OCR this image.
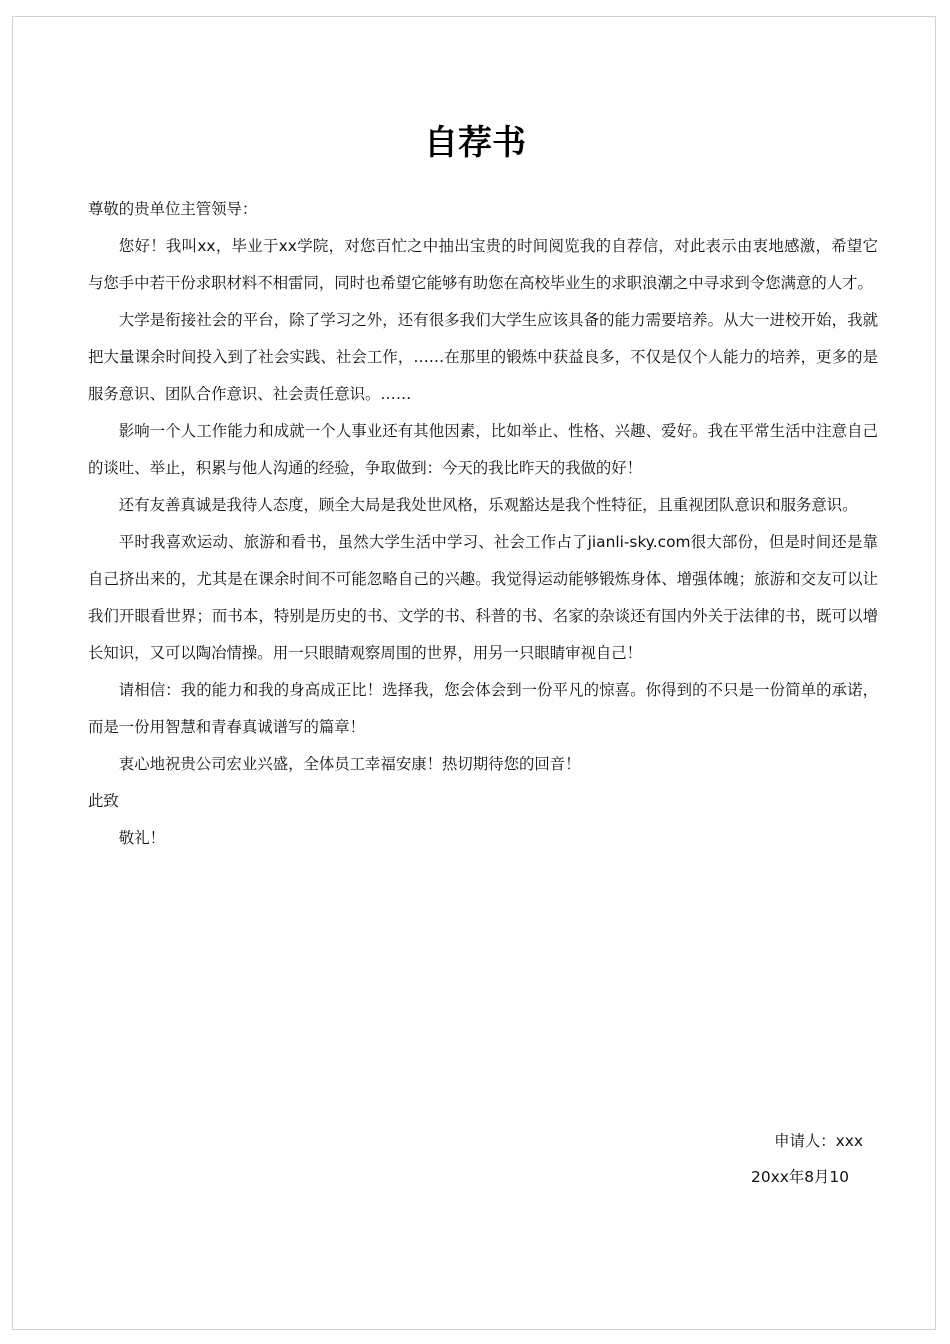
自荐书

尊敬的贵单位主管领导：

您好！我叫xx，毕业于xx学院，对您百忙之中抽出宝贵的时间阅览我的自荐信，对此表示由衷地感激，希望它与您手中若干份求职材料不相雷同，同时也希望它能够有助您在高校毕业生的求职浪潮之中寻求到令您满意的人才。

大学是衔接社会的平台，除了学习之外，还有很多我们大学生应该具备的能力需要培养。从大一进校开始，我就把大量课余时间投入到了社会实践、社会工作，……在那里的锻炼中获益良多，不仅是仅个人能力的培养，更多的是服务意识、团队合作意识、社会责任意识。……

影响一个人工作能力和成就一个人事业还有其他因素，比如举止、性格、兴趣、爱好。我在平常生活中注意自己的谈吐、举止，积累与他人沟通的经验，争取做到：今天的我比昨天的我做的好！

还有友善真诚是我待人态度，顾全大局是我处世风格，乐观豁达是我个性特征，且重视团队意识和服务意识。

平时我喜欢运动、旅游和看书，虽然大学生活中学习、社会工作占了jianli-sky.com很大部份，但是时间还是靠自己挤出来的，尤其是在课余时间不可能忽略自己的兴趣。我觉得运动能够锻炼身体、增强体魄；旅游和交友可以让我们开眼看世界；而书本，特别是历史的书、文学的书、科普的书、名家的杂谈还有国内外关于法律的书，既可以增长知识，又可以陶冶情操。用一只眼睛观察周围的世界，用另一只眼睛审视自己！

请相信：我的能力和我的身高成正比！选择我，您会体会到一份平凡的惊喜。你得到的不只是一份简单的承诺，而是一份用智慧和青春真诚谱写的篇章！

衷心地祝贵公司宏业兴盛，全体员工幸福安康！热切期待您的回音！

此致

敬礼！

申请人：xxx
20xx年8月10
